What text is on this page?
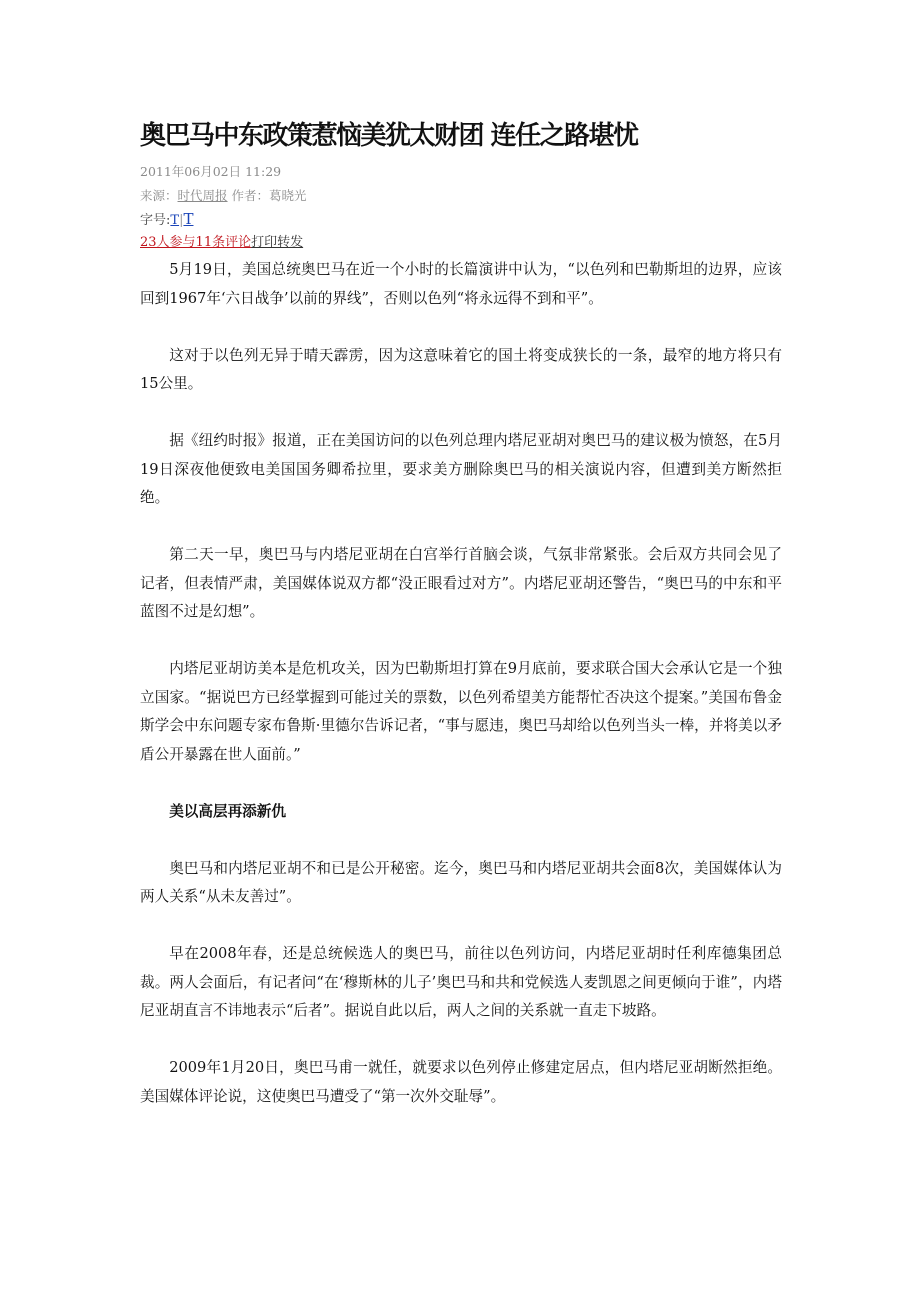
奥巴马中东政策惹恼美犹太财团 连任之路堪忧
2011年06月02日 11:29
来源：时代周报 作者：葛晓光
字号:T|T
23人参与11条评论打印转发

5月19日，美国总统奥巴马在近一个小时的长篇演讲中认为，“以色列和巴勒斯坦的边界，应该回到1967年‘六日战争’以前的界线”，否则以色列“将永远得不到和平”。

这对于以色列无异于晴天霹雳，因为这意味着它的国土将变成狭长的一条，最窄的地方将只有15公里。

据《纽约时报》报道，正在美国访问的以色列总理内塔尼亚胡对奥巴马的建议极为愤怒，在5月19日深夜他便致电美国国务卿希拉里，要求美方删除奥巴马的相关演说内容，但遭到美方断然拒绝。

第二天一早，奥巴马与内塔尼亚胡在白宫举行首脑会谈，气氛非常紧张。会后双方共同会见了记者，但表情严肃，美国媒体说双方都“没正眼看过对方”。内塔尼亚胡还警告，“奥巴马的中东和平蓝图不过是幻想”。

内塔尼亚胡访美本是危机攻关，因为巴勒斯坦打算在9月底前，要求联合国大会承认它是一个独立国家。“据说巴方已经掌握到可能过关的票数，以色列希望美方能帮忙否决这个提案。”美国布鲁金斯学会中东问题专家布鲁斯·里德尔告诉记者，“事与愿违，奥巴马却给以色列当头一棒，并将美以矛盾公开暴露在世人面前。”

美以高层再添新仇

奥巴马和内塔尼亚胡不和已是公开秘密。迄今，奥巴马和内塔尼亚胡共会面8次，美国媒体认为两人关系“从未友善过”。

早在2008年春，还是总统候选人的奥巴马，前往以色列访问，内塔尼亚胡时任利库德集团总裁。两人会面后，有记者问“在‘穆斯林的儿子’奥巴马和共和党候选人麦凯恩之间更倾向于谁”，内塔尼亚胡直言不讳地表示“后者”。据说自此以后，两人之间的关系就一直走下坡路。

2009年1月20日，奥巴马甫一就任，就要求以色列停止修建定居点，但内塔尼亚胡断然拒绝。美国媒体评论说，这使奥巴马遭受了“第一次外交耻辱”。
